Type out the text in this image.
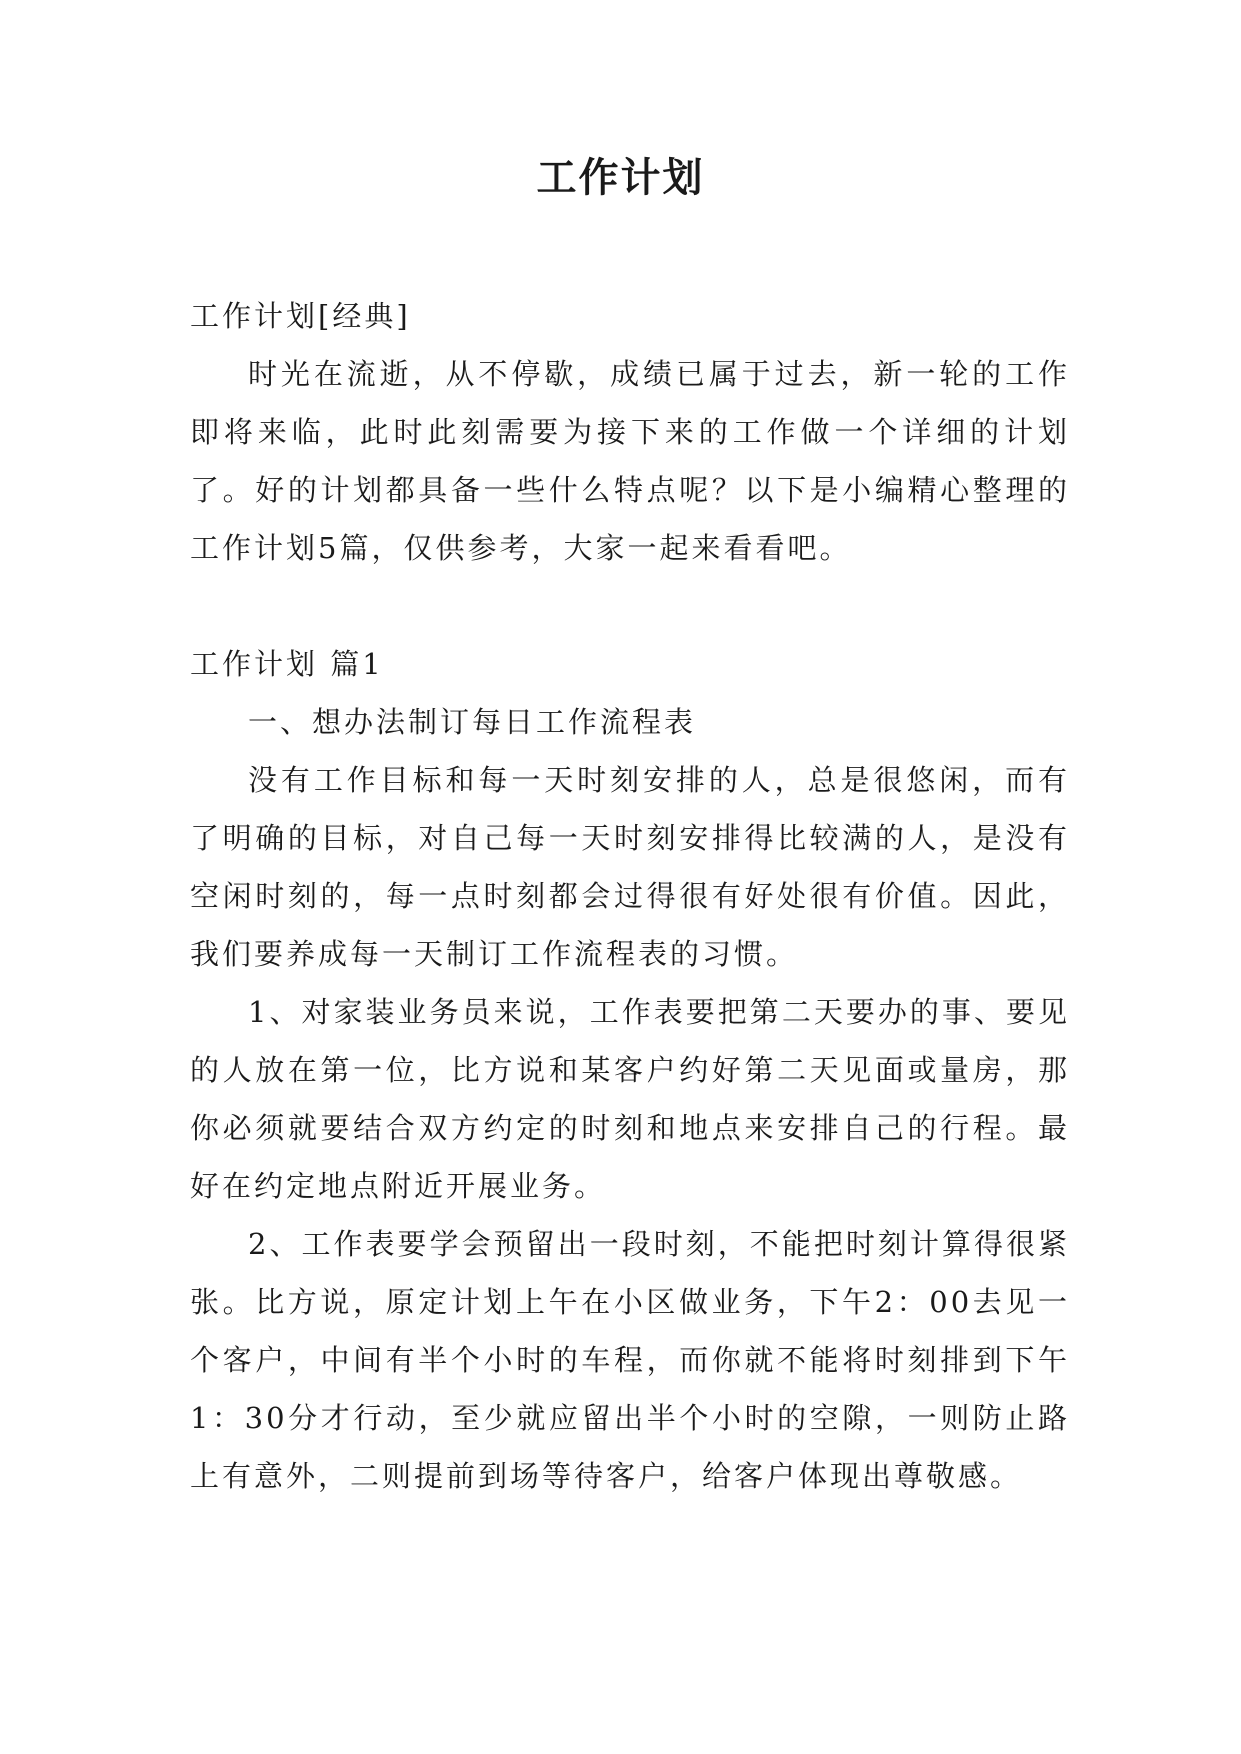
工作计划

工作计划[经典]

时光在流逝，从不停歇，成绩已属于过去，新一轮的工作即将来临，此时此刻需要为接下来的工作做一个详细的计划了。好的计划都具备一些什么特点呢？以下是小编精心整理的工作计划5篇，仅供参考，大家一起来看看吧。

工作计划 篇1

一、想办法制订每日工作流程表

没有工作目标和每一天时刻安排的人，总是很悠闲，而有了明确的目标，对自己每一天时刻安排得比较满的人，是没有空闲时刻的，每一点时刻都会过得很有好处很有价值。因此，我们要养成每一天制订工作流程表的习惯。

1、对家装业务员来说，工作表要把第二天要办的事、要见的人放在第一位，比方说和某客户约好第二天见面或量房，那你必须就要结合双方约定的时刻和地点来安排自己的行程。最好在约定地点附近开展业务。

2、工作表要学会预留出一段时刻，不能把时刻计算得很紧张。比方说，原定计划上午在小区做业务，下午2：00去见一个客户，中间有半个小时的车程，而你就不能将时刻排到下午1：30分才行动，至少就应留出半个小时的空隙，一则防止路上有意外，二则提前到场等待客户，给客户体现出尊敬感。
